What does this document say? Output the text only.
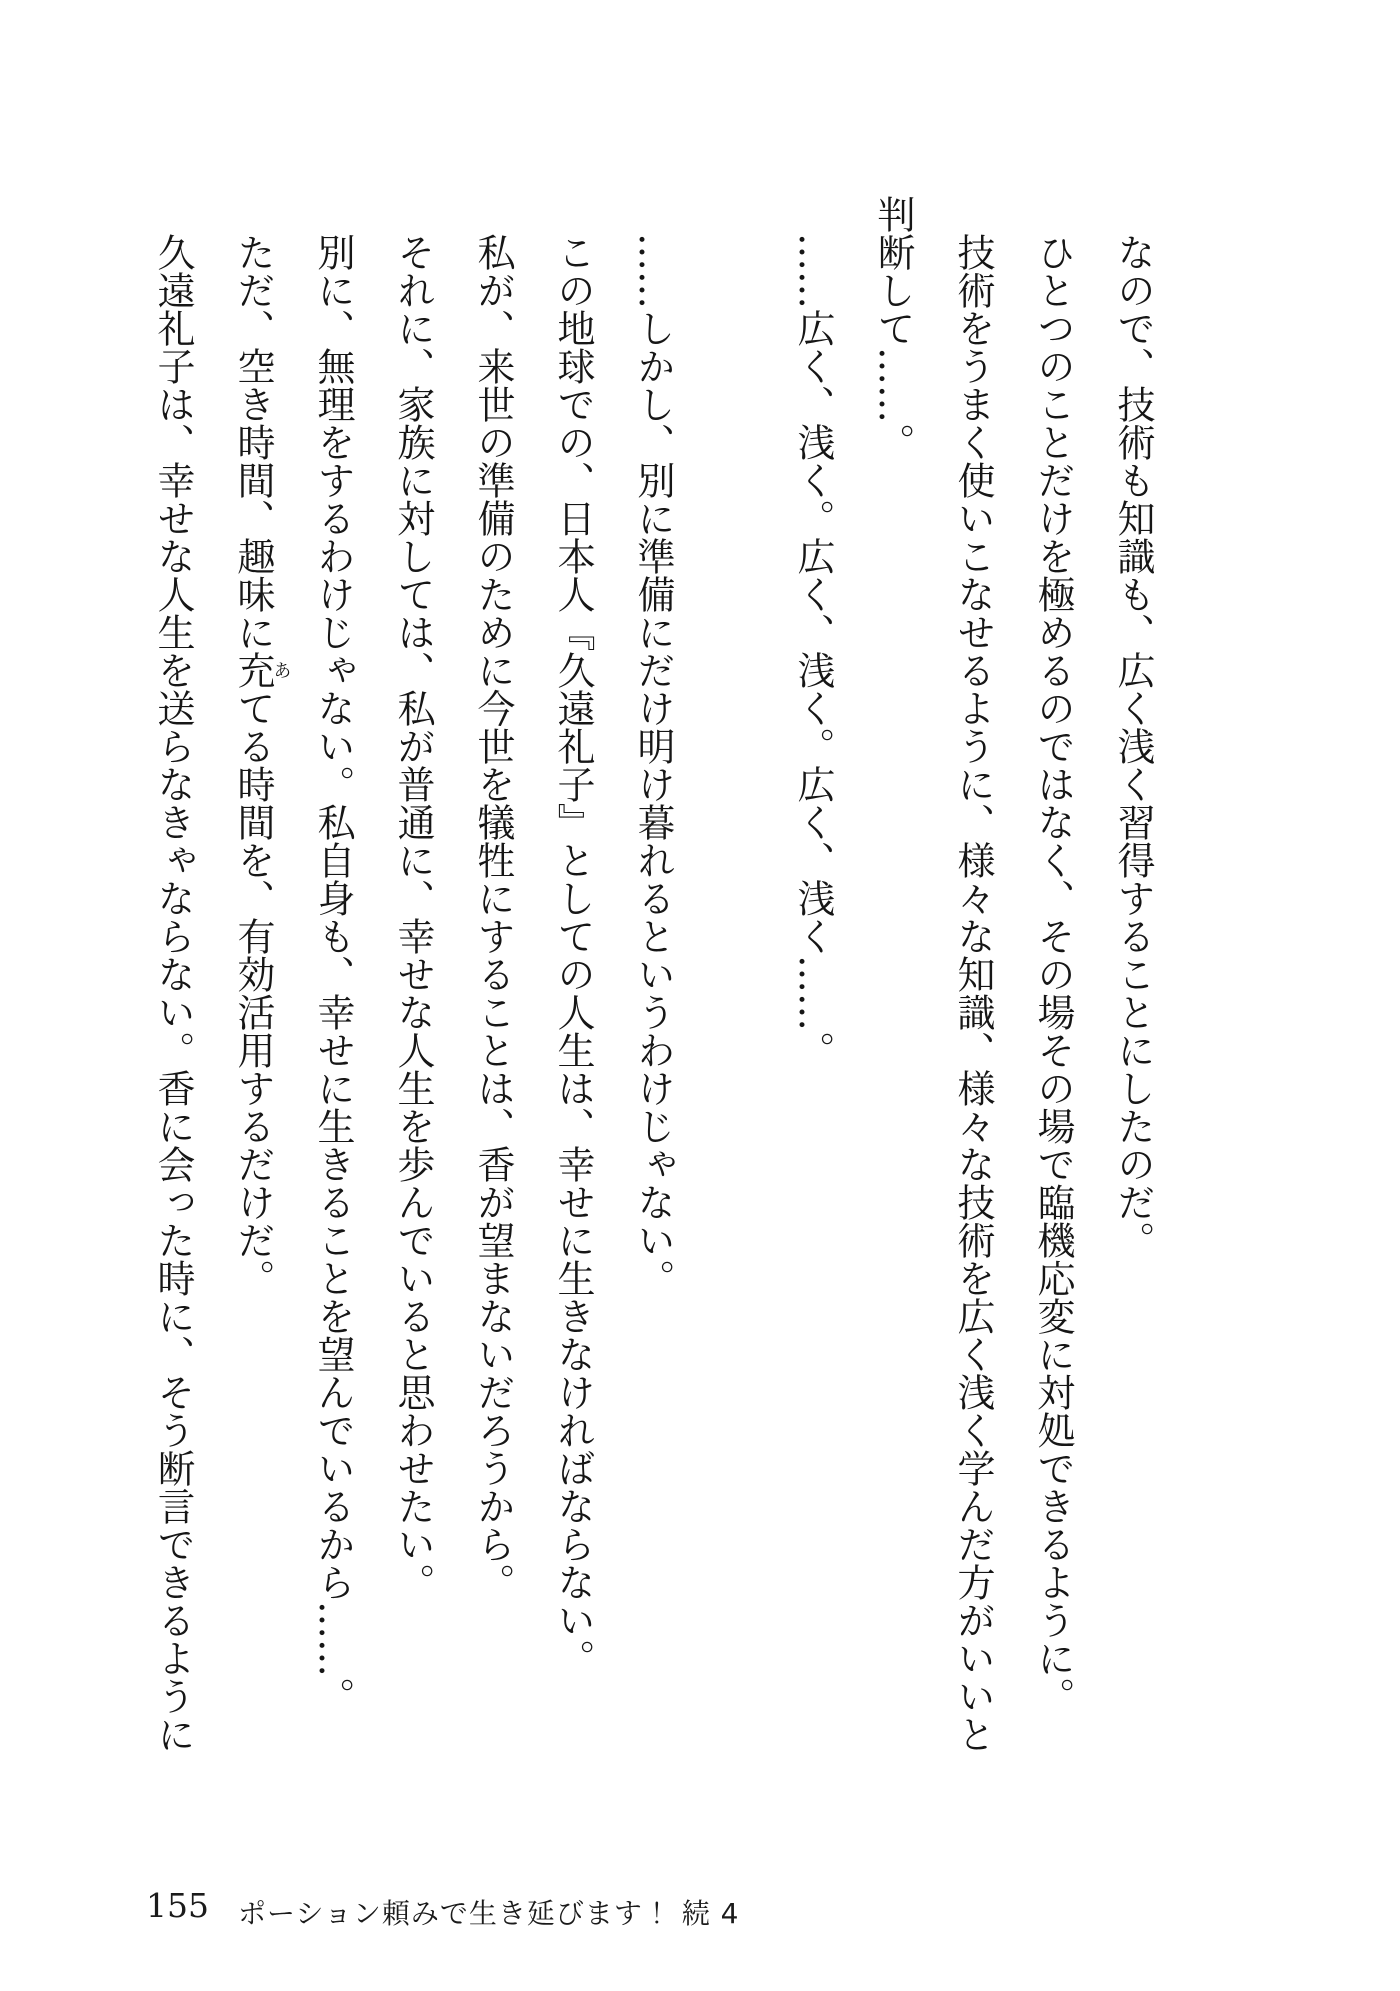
なので、技術も知識も、広く浅く習得することにしたのだ。
ひとつのことだけを極めるのではなく、その場その場で臨機応変に対処できるように。
技術をうまく使いこなせるように、様々な知識、様々な技術を広く浅く学んだ方がいいと
判断して……。
……広く、浅く。広く、浅く。広く、浅く……。
……しかし、別に準備にだけ明け暮れるというわけじゃない。
この地球での、日本人『久遠礼子』としての人生は、幸せに生きなければならない。
私が、来世の準備のために今世を犠牲にすることは、香が望まないだろうから。
それに、家族に対しては、私が普通に、幸せな人生を歩んでいると思わせたい。
別に、無理をするわけじゃない。私自身も、幸せに生きることを望んでいるから……。
ただ、空き時間、趣味に充あてる時間を、有効活用するだけだ。
久遠礼子は、幸せな人生を送らなきゃならない。香に会った時に、そう断言できるように
155 ポーション頼みで生き延びます！ 続 4
